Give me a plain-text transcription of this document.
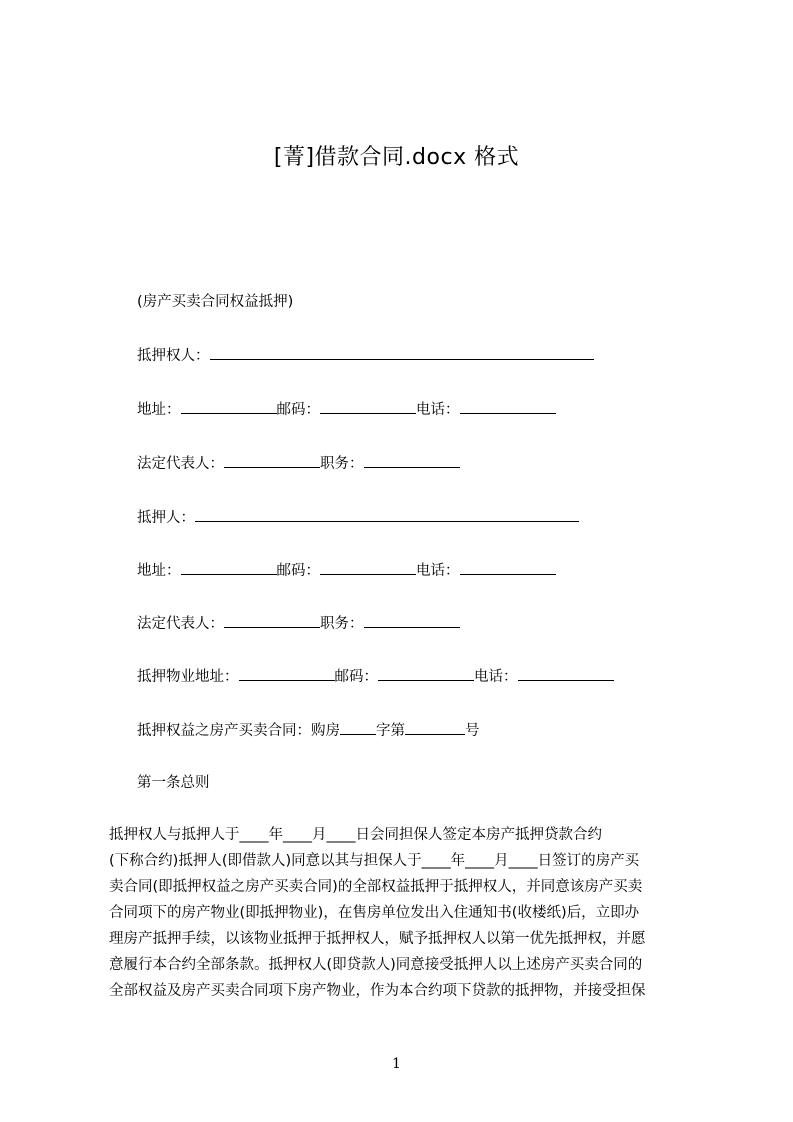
[菁]借款合同.docx 格式
(房产买卖合同权益抵押)
抵押权人：
地址：	邮码：	电话：
法定代表人：	职务：
抵押人：
地址：	邮码：	电话：
法定代表人：	职务：
抵押物业地址：	邮码：	电话：
抵押权益之房产买卖合同：购房 字第	号
第一条总则

抵押权人与抵押人于____年____月____日会同担保人签定本房产抵押贷款合约

(下称合约)抵押人(即借款人)同意以其与担保人于____年____月____日签订的房产买

卖合同(即抵押权益之房产买卖合同)的全部权益抵押于抵押权人，并同意该房产买卖

合同项下的房产物业(即抵押物业)，在售房单位发出入住通知书(收楼纸)后，立即办

理房产抵押手续，以该物业抵押于抵押权人，赋予抵押权人以第一优先抵押权，并愿

意履行本合约全部条款。抵押权人(即贷款人)同意接受抵押人以上述房产买卖合同的

全部权益及房产买卖合同项下房产物业，作为本合约项下贷款的抵押物，并接受担保

1
